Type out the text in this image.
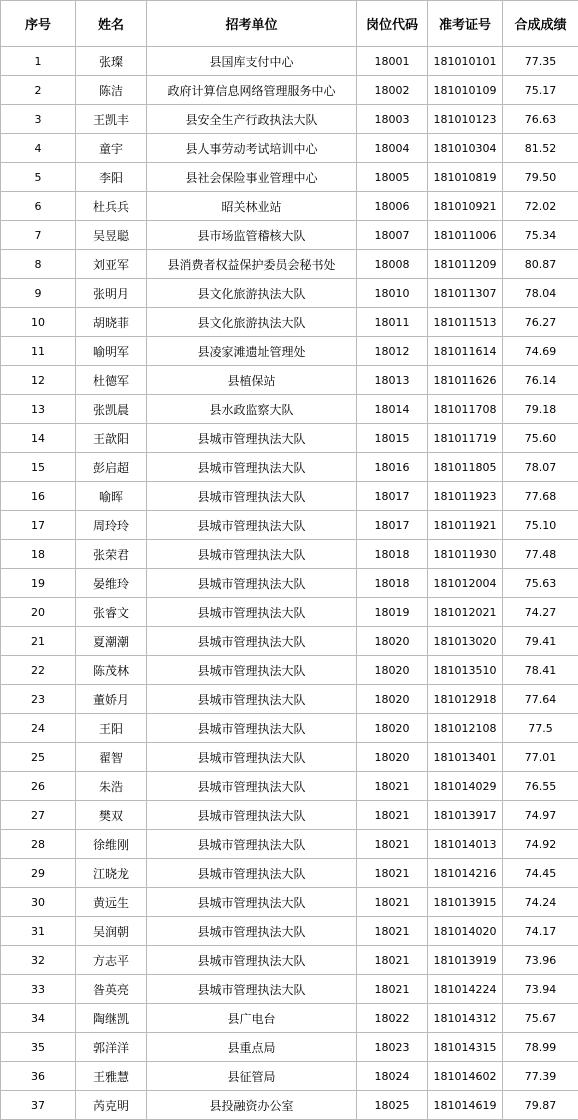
序号	姓名	招考单位	岗位代码	准考证号	合成成绩
1	张璨	县国库支付中心	18001	181010101	77.35
2	陈洁	政府计算信息网络管理服务中心	18002	181010109	75.17
3	王凯丰	县安全生产行政执法大队	18003	181010123	76.63
4	童宇	县人事劳动考试培训中心	18004	181010304	81.52
5	李阳	县社会保险事业管理中心	18005	181010819	79.50
6	杜兵兵	昭关林业站	18006	181010921	72.02
7	吴昱聪	县市场监管稽核大队	18007	181011006	75.34
8	刘亚军	县消费者权益保护委员会秘书处	18008	181011209	80.87
9	张明月	县文化旅游执法大队	18010	181011307	78.04
10	胡晓菲	县文化旅游执法大队	18011	181011513	76.27
11	喻明军	县凌家滩遗址管理处	18012	181011614	74.69
12	杜德军	县植保站	18013	181011626	76.14
13	张凯晨	县水政监察大队	18014	181011708	79.18
14	王歆阳	县城市管理执法大队	18015	181011719	75.60
15	彭启超	县城市管理执法大队	18016	181011805	78.07
16	喻晖	县城市管理执法大队	18017	181011923	77.68
17	周玲玲	县城市管理执法大队	18017	181011921	75.10
18	张荣君	县城市管理执法大队	18018	181011930	77.48
19	晏维玲	县城市管理执法大队	18018	181012004	75.63
20	张睿文	县城市管理执法大队	18019	181012021	74.27
21	夏潮潮	县城市管理执法大队	18020	181013020	79.41
22	陈茂林	县城市管理执法大队	18020	181013510	78.41
23	董娇月	县城市管理执法大队	18020	181012918	77.64
24	王阳	县城市管理执法大队	18020	181012108	77.5
25	翟智	县城市管理执法大队	18020	181013401	77.01
26	朱浩	县城市管理执法大队	18021	181014029	76.55
27	樊双	县城市管理执法大队	18021	181013917	74.97
28	徐维刚	县城市管理执法大队	18021	181014013	74.92
29	江晓龙	县城市管理执法大队	18021	181014216	74.45
30	黄远生	县城市管理执法大队	18021	181013915	74.24
31	吴润朝	县城市管理执法大队	18021	181014020	74.17
32	方志平	县城市管理执法大队	18021	181013919	73.96
33	昝英亮	县城市管理执法大队	18021	181014224	73.94
34	陶继凯	县广电台	18022	181014312	75.67
35	郭洋洋	县重点局	18023	181014315	78.99
36	王雅慧	县征管局	18024	181014602	77.39
37	芮克明	县投融资办公室	18025	181014619	79.87
